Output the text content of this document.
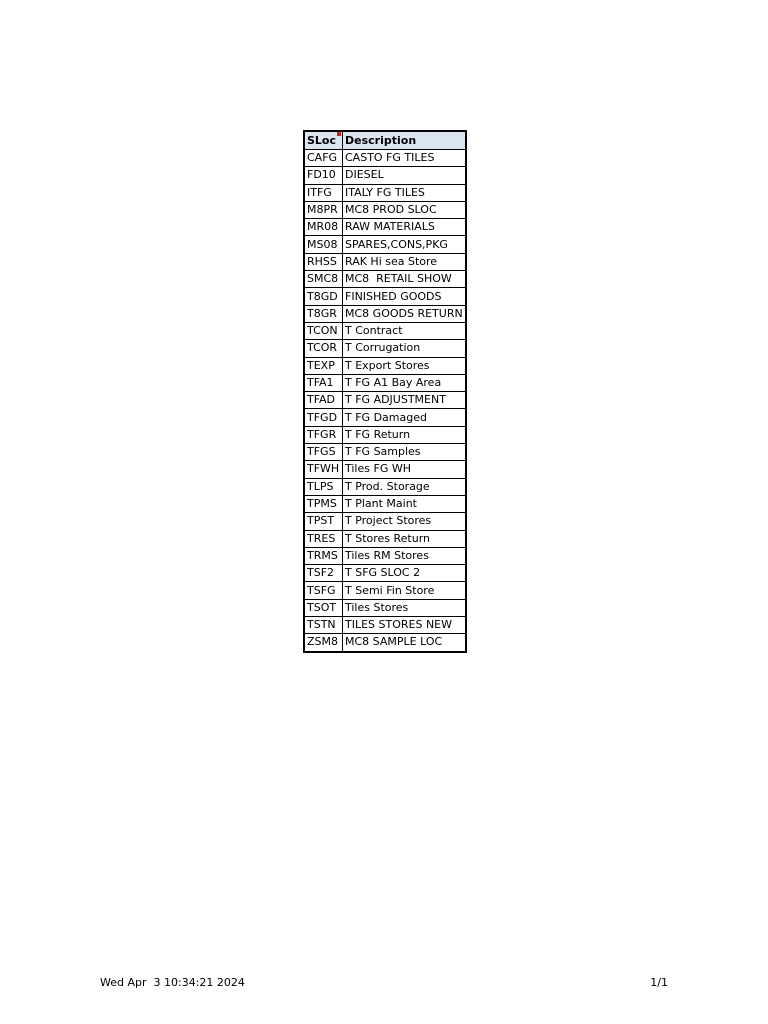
SLoc	Description
CAFG	CASTO FG TILES
FD10	DIESEL
ITFG	ITALY FG TILES
M8PR	MC8 PROD SLOC
MR08	RAW MATERIALS
MS08	SPARES,CONS,PKG
RHSS	RAK Hi sea Store
SMC8	MC8  RETAIL SHOW
T8GD	FINISHED GOODS
T8GR	MC8 GOODS RETURN
TCON	T Contract
TCOR	T Corrugation
TEXP	T Export Stores
TFA1	T FG A1 Bay Area
TFAD	T FG ADJUSTMENT
TFGD	T FG Damaged
TFGR	T FG Return
TFGS	T FG Samples
TFWH	Tiles FG WH
TLPS	T Prod. Storage
TPMS	T Plant Maint
TPST	T Project Stores
TRES	T Stores Return
TRMS	Tiles RM Stores
TSF2	T SFG SLOC 2
TSFG	T Semi Fin Store
TSOT	Tiles Stores
TSTN	TILES STORES NEW
ZSM8	MC8 SAMPLE LOC
Wed Apr  3 10:34:21 2024	1/1
